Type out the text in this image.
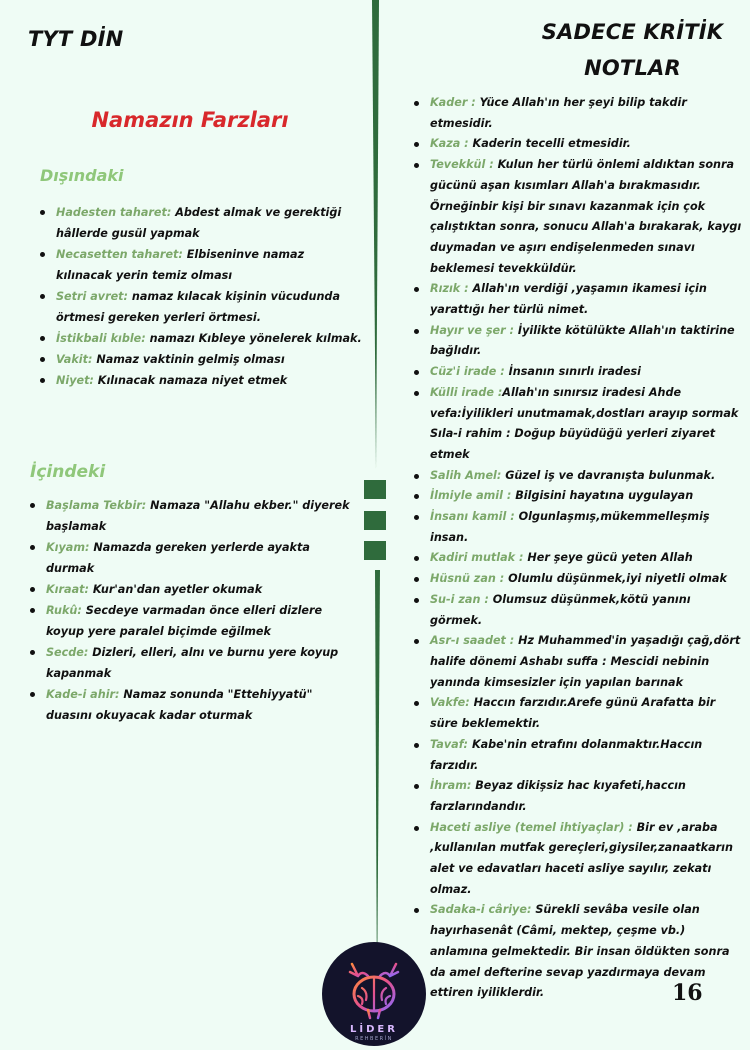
TYT DİN	SADECE KRİTİK
NOTLAR
Namazın Farzları
Dışındaki
Hadesten taharet: Abdest almak ve gerektiği hâllerde gusül yapmak
Necasetten taharet: Elbiseninve namaz kılınacak yerin temiz olması
Setri avret: namaz kılacak kişinin vücudunda örtmesi gereken yerleri örtmesi.
İstikbali kıble: namazı Kıbleye yönelerek kılmak.
Vakit: Namaz vaktinin gelmiş olması
Niyet: Kılınacak namaza niyet etmek
İçindeki
Başlama Tekbir: Namaza "Allahu ekber." diyerek başlamak
Kıyam: Namazda gereken yerlerde ayakta durmak
Kıraat: Kur'an'dan ayetler okumak
Rukû: Secdeye varmadan önce elleri dizlere koyup yere paralel biçimde eğilmek
Secde: Dizleri, elleri, alnı ve burnu yere koyup kapanmak
Kade-i ahir: Namaz sonunda "Ettehiyyatü" duasını okuyacak kadar oturmak
Kader : Yüce Allah'ın her şeyi bilip takdir etmesidir.
Kaza : Kaderin tecelli etmesidir.
Tevekkül : Kulun her türlü önlemi aldıktan sonra gücünü aşan kısımları Allah'a bırakmasıdır. Örneğinbir kişi bir sınavı kazanmak için çok çalıştıktan sonra, sonucu Allah'a bırakarak, kaygı duymadan ve aşırı endişelenmeden sınavı beklemesi tevekküldür.
Rızık : Allah'ın verdiği ,yaşamın ikamesi için yarattığı her türlü nimet.
Hayır ve şer : İyilikte kötülükte Allah'ın taktirine bağlıdır.
Cüz'i irade : İnsanın sınırlı iradesi
Külli irade :Allah'ın sınırsız iradesi Ahde vefa:İyilikleri unutmamak,dostları arayıp sormak Sıla-i rahim : Doğup büyüdüğü yerleri ziyaret etmek
Salih Amel: Güzel iş ve davranışta bulunmak.
İlmiyle amil : Bilgisini hayatına uygulayan
İnsanı kamil : Olgunlaşmış,mükemmelleşmiş insan.
Kadiri mutlak : Her şeye gücü yeten Allah
Hüsnü zan : Olumlu düşünmek,iyi niyetli olmak
Su-i zan : Olumsuz düşünmek,kötü yanını görmek.
Asr-ı saadet : Hz Muhammed'in yaşadığı çağ,dört halife dönemi Ashabı suffa : Mescidi nebinin yanında kimsesizler için yapılan barınak
Vakfe: Haccın farzıdır.Arefe günü Arafatta bir süre beklemektir.
Tavaf: Kabe'nin etrafını dolanmaktır.Haccın farzıdır.
İhram: Beyaz dikişsiz hac kıyafeti,haccın farzlarındandır.
Haceti asliye (temel ihtiyaçlar) : Bir ev ,araba ,kullanılan mutfak gereçleri,giysiler,zanaatkarın alet ve edavatları haceti asliye sayılır, zekatı olmaz.
Sadaka-i câriye: Sürekli sevâba vesile olan hayırhasenât (Câmi, mektep, çeşme vb.) anlamına gelmektedir. Bir insan öldükten sonra da amel defterine sevap yazdırmaya devam ettiren iyiliklerdir.
LİDER
REHBERİN
16
